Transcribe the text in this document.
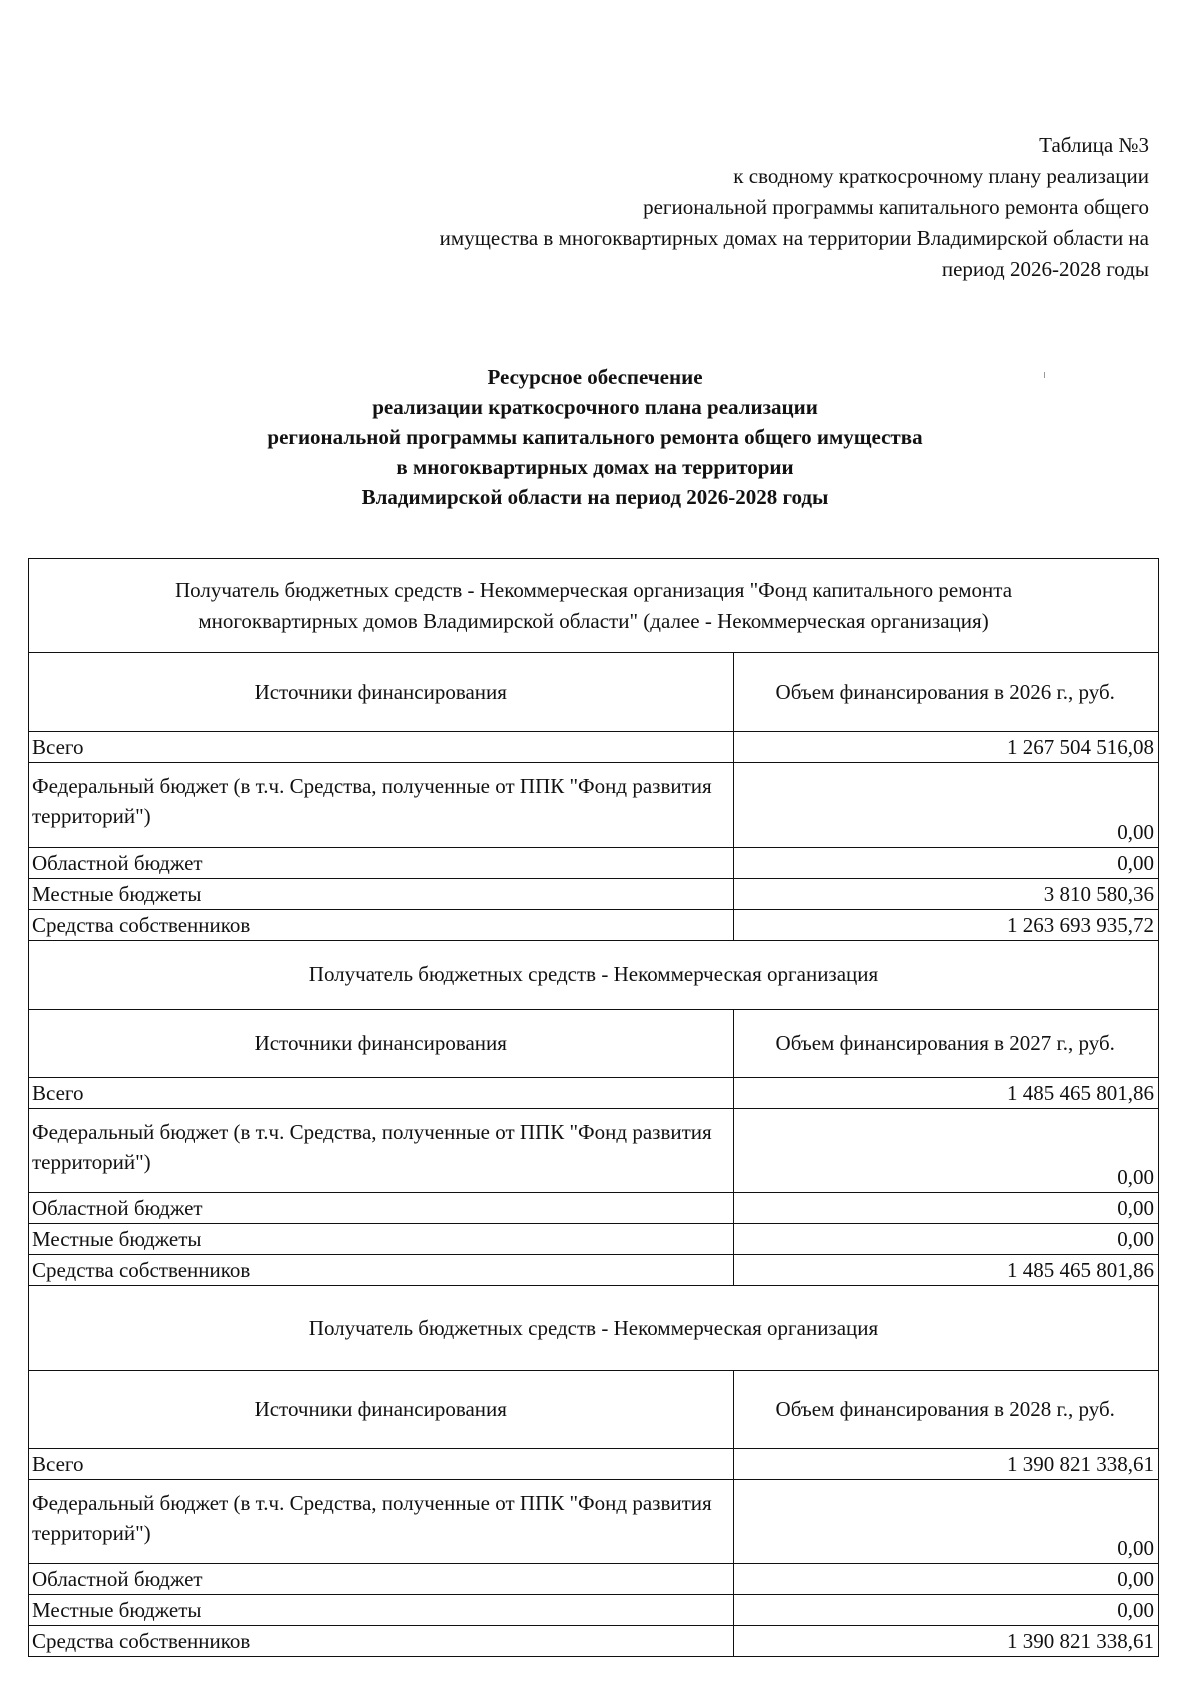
Таблица №3
к сводному краткосрочному плану реализации
региональной программы капитального ремонта общего
имущества в многоквартирных домах на территории Владимирской области на
период 2026-2028 годы
Ресурсное обеспечение
реализации краткосрочного плана реализации
региональной программы капитального ремонта общего имущества
в многоквартирных домах на территории
Владимирской области на период 2026-2028 годы
Получатель бюджетных средств - Некоммерческая организация "Фонд капитального ремонта
многоквартирных домов Владимирской области" (далее - Некоммерческая организация)
Источники финансирования	Объем финансирования в 2026 г., руб.
Всего	1 267 504 516,08
Федеральный бюджет (в т.ч. Средства, полученные от ППК "Фонд развития территорий")	0,00
Областной бюджет	0,00
Местные бюджеты	3 810 580,36
Средства собственников	1 263 693 935,72
Получатель бюджетных средств - Некоммерческая организация
Источники финансирования	Объем финансирования в 2027 г., руб.
Всего	1 485 465 801,86
Федеральный бюджет (в т.ч. Средства, полученные от ППК "Фонд развития территорий")	0,00
Областной бюджет	0,00
Местные бюджеты	0,00
Средства собственников	1 485 465 801,86
Получатель бюджетных средств - Некоммерческая организация
Источники финансирования	Объем финансирования в 2028 г., руб.
Всего	1 390 821 338,61
Федеральный бюджет (в т.ч. Средства, полученные от ППК "Фонд развития территорий")	0,00
Областной бюджет	0,00
Местные бюджеты	0,00
Средства собственников	1 390 821 338,61
